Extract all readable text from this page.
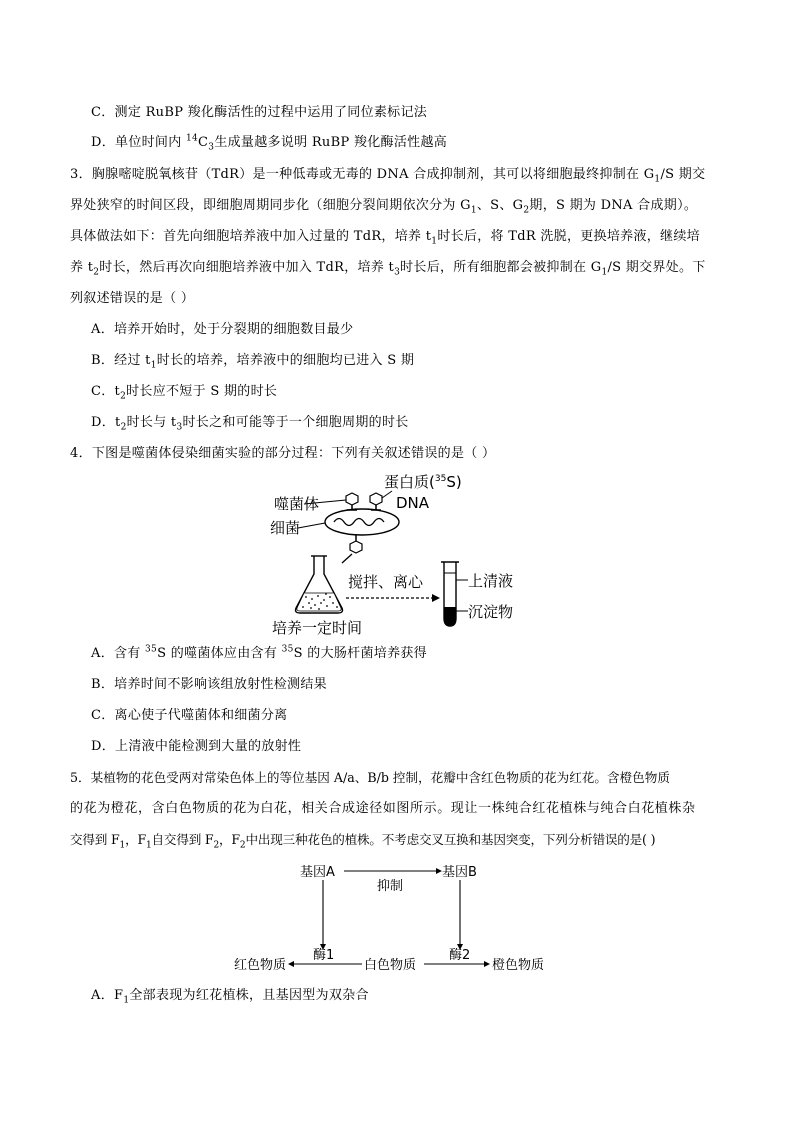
C．测定 RuBP 羧化酶活性的过程中运用了同位素标记法
D．单位时间内 $^{14}C_3$生成量越多说明 RuBP 羧化酶活性越高
3．胸腺嘧啶脱氧核苷（TdR）是一种低毒或无毒的 DNA 合成抑制剂，其可以将细胞最终抑制在 $G_1/S$ 期交
界处狭窄的时间区段，即细胞周期同步化（细胞分裂间期依次分为 $G_1$、S、$G_2$期，S 期为 DNA 合成期）。
具体做法如下：首先向细胞培养液中加入过量的 TdR，培养 $t_1$时长后，将 TdR 洗脱，更换培养液，继续培
养 $t_2$时长，然后再次向细胞培养液中加入 TdR，培养 $t_3$时长后，所有细胞都会被抑制在 $G_1/S$ 期交界处。下
列叙述错误的是（ ）
A．培养开始时，处于分裂期的细胞数目最少
B．经过 $t_1$时长的培养，培养液中的细胞均已进入 S 期
C．$t_2$时长应不短于 S 期的时长
D．$t_2$时长与 $t_3$时长之和可能等于一个细胞周期的时长
4．下图是噬菌体侵染细菌实验的部分过程：下列有关叙述错误的是（ ）
蛋白质($^{35}$S)
噬菌体	DNA
细菌
搅拌、离心	上清液
沉淀物
培养一定时间
A．含有 $^{35}$S 的噬菌体应由含有 $^{35}$S 的大肠杆菌培养获得
B．培养时间不影响该组放射性检测结果
C．离心使子代噬菌体和细菌分离
D．上清液中能检测到大量的放射性
5．某植物的花色受两对常染色体上的等位基因 A/a、B/b 控制，花瓣中含红色物质的花为红花。含橙色物质
的花为橙花，含白色物质的花为白花，相关合成途径如图所示。现让一株纯合红花植株与纯合白花植株杂
交得到 $F_1$，$F_1$自交得到 $F_2$，$F_2$中出现三种花色的植株。不考虑交叉互换和基因突变，下列分析错误的是( )
基因A	基因B
抑制
红色物质	白色物质	橙色物质
酶1	酶2
A．$F_1$全部表现为红花植株，且基因型为双杂合
